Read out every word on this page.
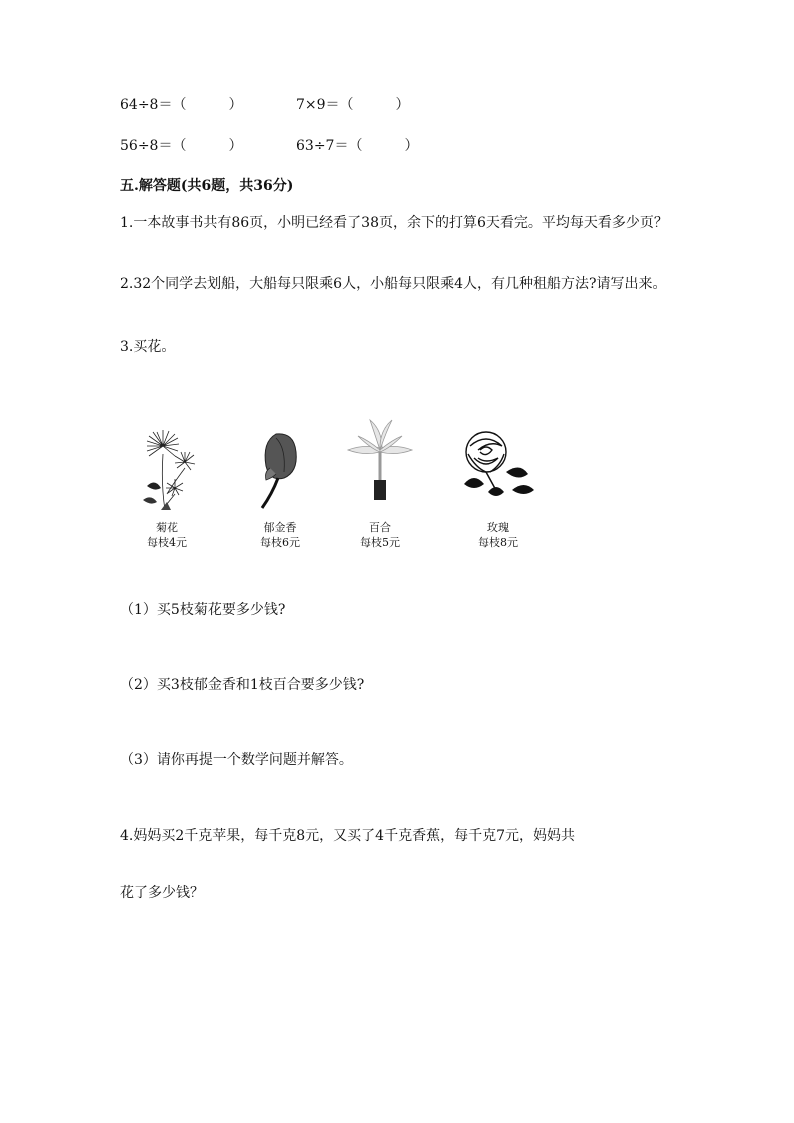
64÷8＝（　　　）	7×9＝（　　　）
56÷8＝（　　　）	63÷7＝（　　　）
五.解答题(共6题，共36分)
1.一本故事书共有86页，小明已经看了38页，余下的打算6天看完。平均每天看多少页？
2.32个同学去划船，大船每只限乘6人，小船每只限乘4人，有几种租船方法?请写出来。
3.买花。
菊花
每枝4元
郁金香
每枝6元
百合
每枝5元
玫瑰
每枝8元
（1）买5枝菊花要多少钱?
（2）买3枝郁金香和1枝百合要多少钱?
（3）请你再提一个数学问题并解答。
4.妈妈买2千克苹果，每千克8元，又买了4千克香蕉，每千克7元，妈妈共
花了多少钱？
